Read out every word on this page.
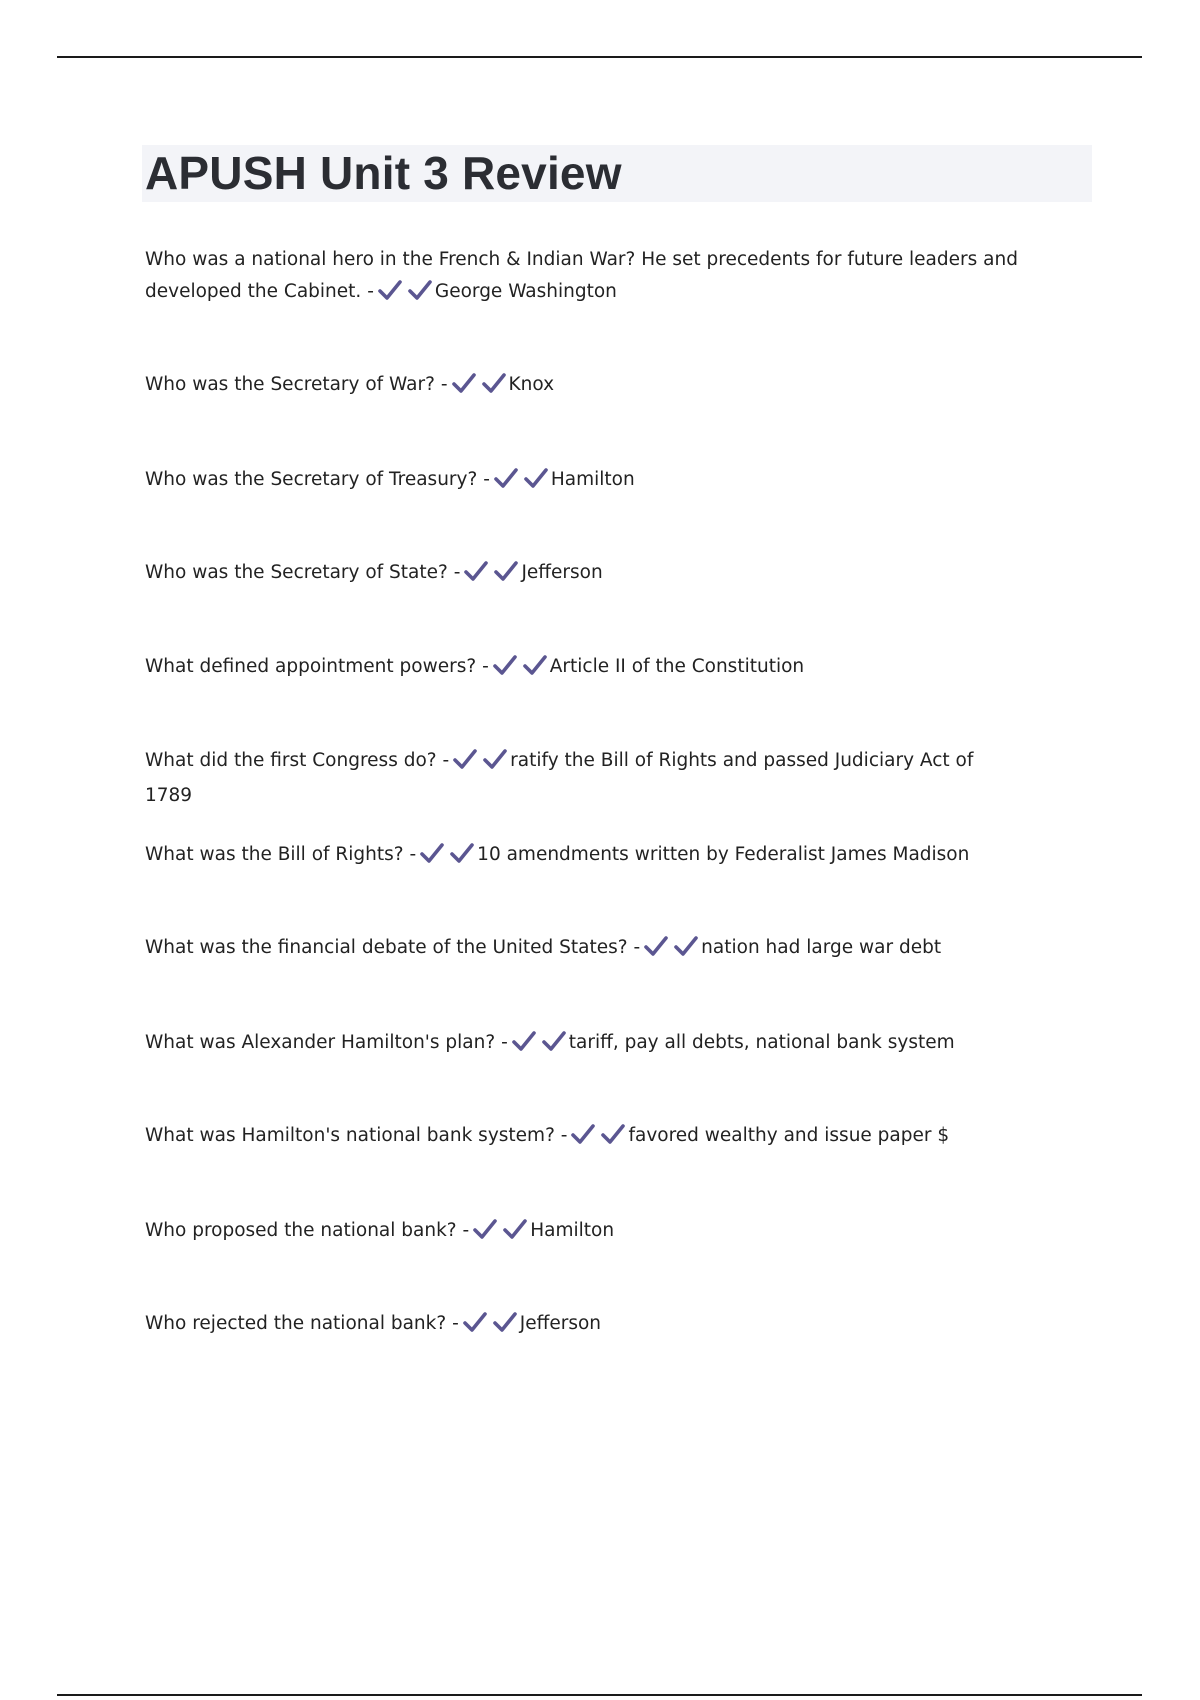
APUSH Unit 3 Review

Who was a national hero in the French & Indian War? He set precedents for future leaders and developed the Cabinet. -	George Washington

Who was the Secretary of War? -	Knox

Who was the Secretary of Treasury? -	Hamilton

Who was the Secretary of State? -	Jefferson

What defined appointment powers? -	Article II of the Constitution

What did the first Congress do? -	ratify the Bill of Rights and passed Judiciary Act of 1789

What was the Bill of Rights? -	10 amendments written by Federalist James Madison

What was the financial debate of the United States? -	nation had large war debt

What was Alexander Hamilton's plan? -	tariff, pay all debts, national bank system

What was Hamilton's national bank system? -	favored wealthy and issue paper $

Who proposed the national bank? -	Hamilton

Who rejected the national bank? -	Jefferson
